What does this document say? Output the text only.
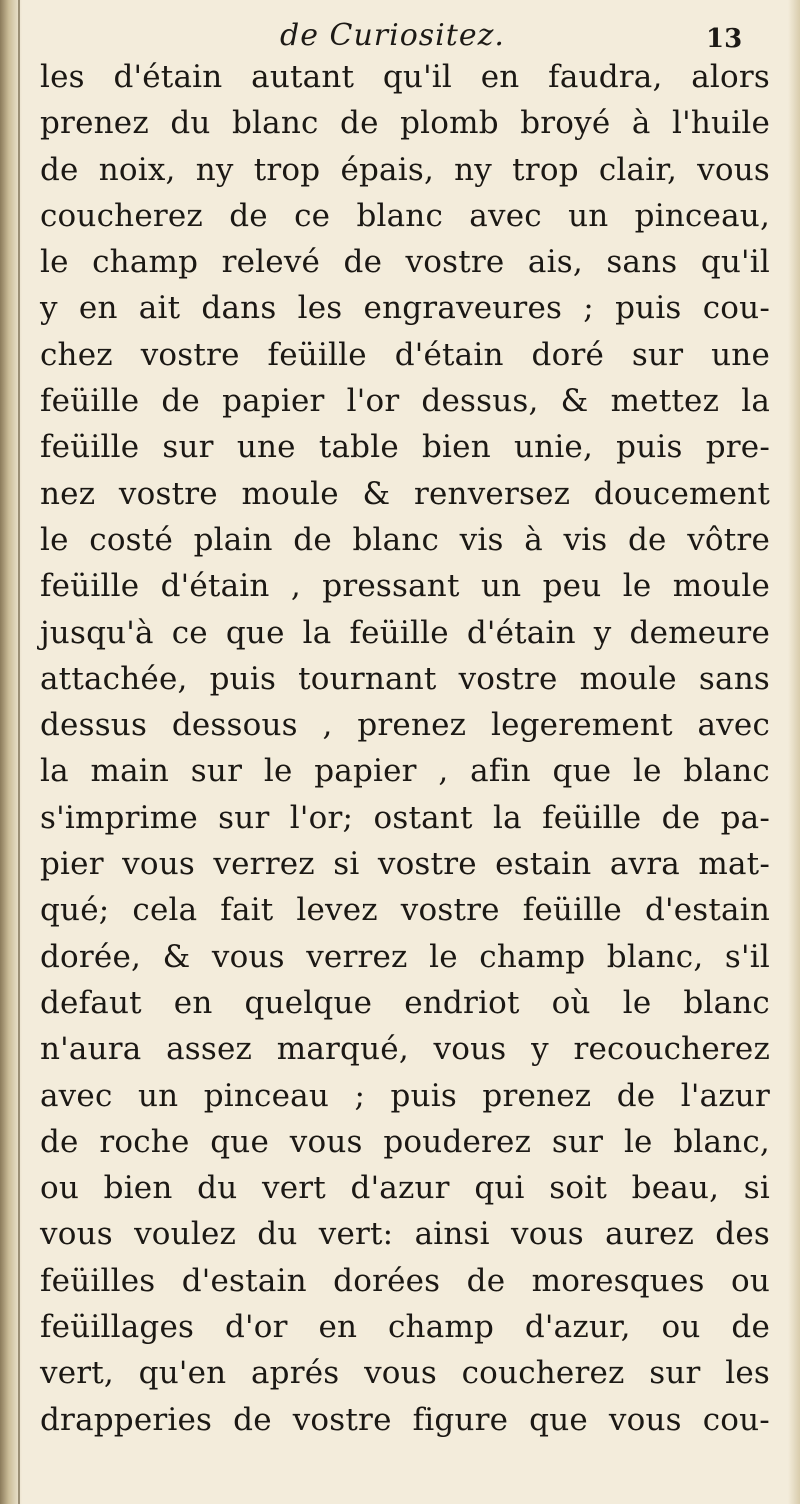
de Curiositez.	13
les d'étain autant qu'il en faudra, alors
prenez du blanc de plomb broyé à l'huile
de noix, ny trop épais, ny trop clair, vous
coucherez de ce blanc avec un pinceau,
le champ relevé de vostre ais, sans qu'il
y en ait dans les engraveures ; puis cou-
chez vostre feüille d'étain doré sur une
feüille de papier l'or dessus, & mettez la
feüille sur une table bien unie, puis pre-
nez vostre moule & renversez doucement
le costé plain de blanc vis à vis de vôtre
feüille d'étain , pressant un peu le moule
jusqu'à ce que la feüille d'étain y demeure
attachée, puis tournant vostre moule sans
dessus dessous , prenez legerement avec
la main sur le papier , afin que le blanc
s'imprime sur l'or; ostant la feüille de pa-
pier vous verrez si vostre estain avra mat-
qué; cela fait levez vostre feüille d'estain
dorée, & vous verrez le champ blanc, s'il
defaut en quelque endriot où le blanc
n'aura assez marqué, vous y recoucherez
avec un pinceau ; puis prenez de l'azur
de roche que vous pouderez sur le blanc,
ou bien du vert d'azur qui soit beau, si
vous voulez du vert: ainsi vous aurez des
feüilles d'estain dorées de moresques ou
feüillages d'or en champ d'azur, ou de
vert, qu'en aprés vous coucherez sur les
drapperies de vostre figure que vous cou-
